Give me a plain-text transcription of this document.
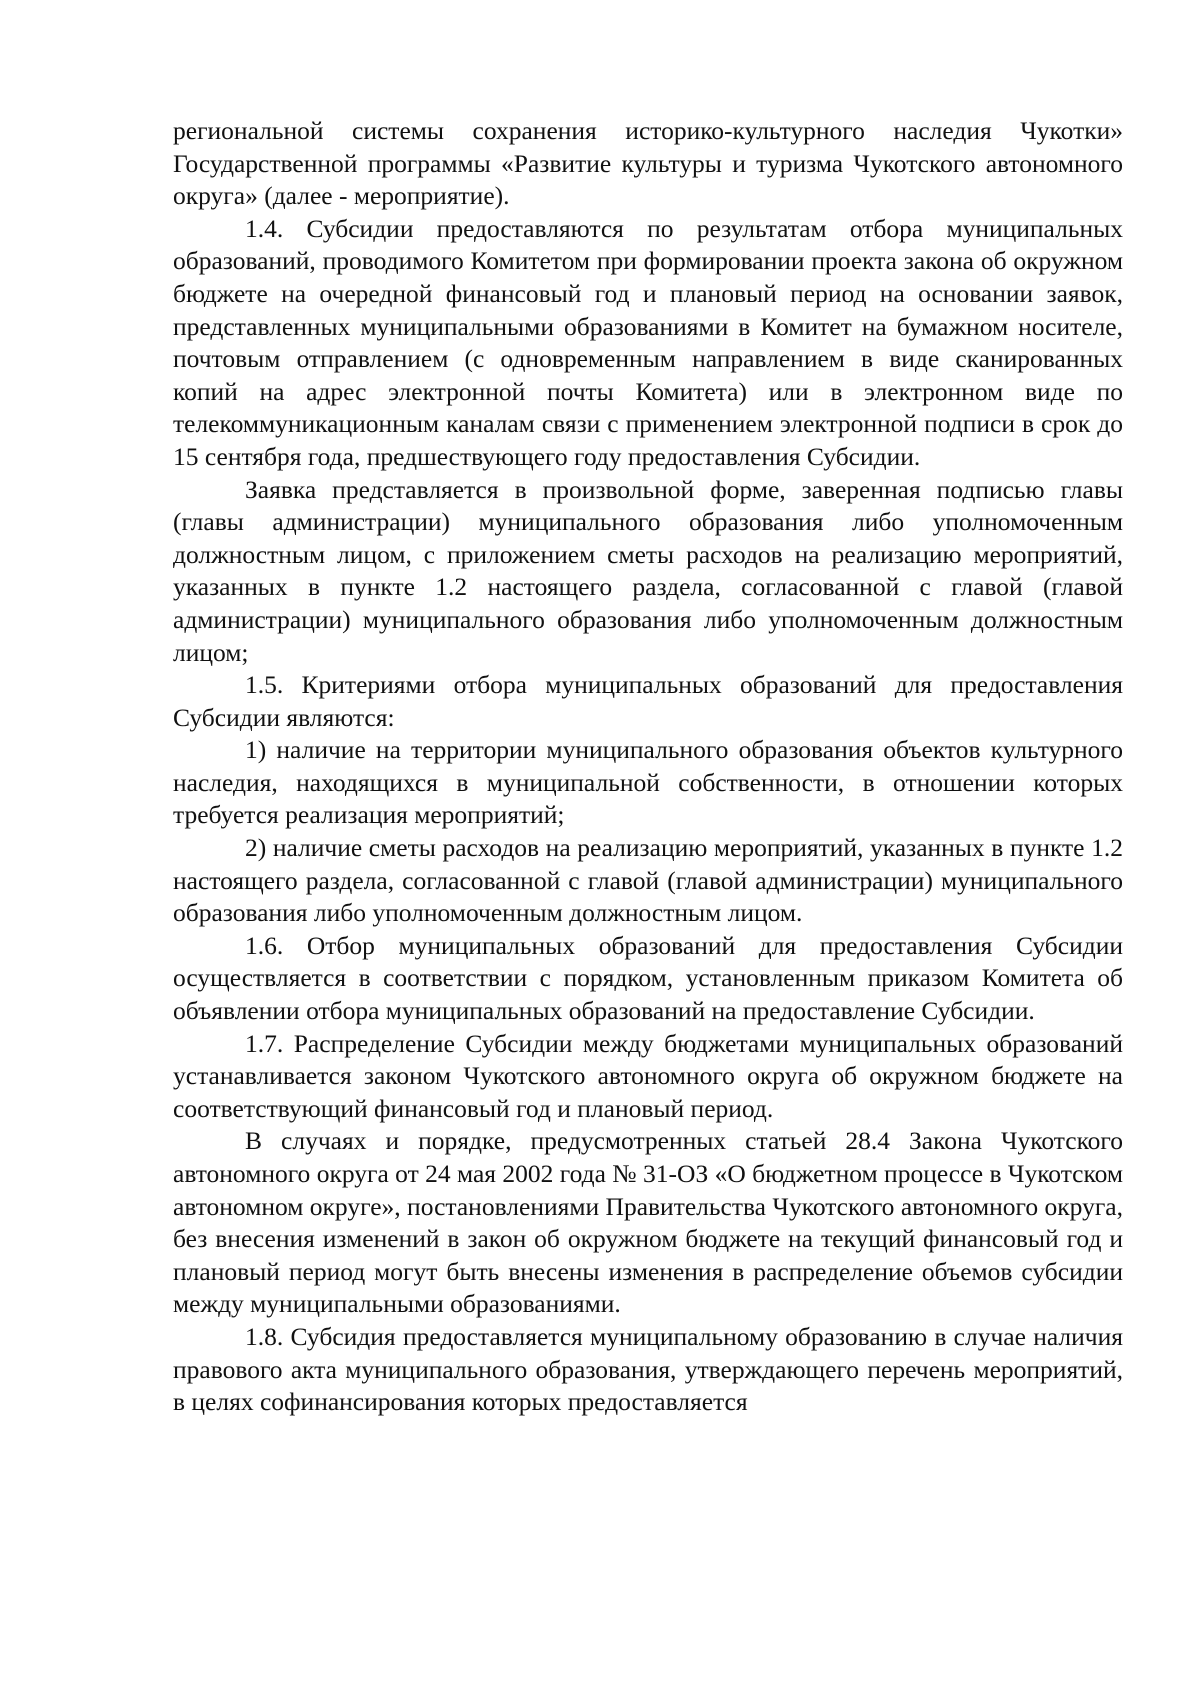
региональной системы сохранения историко-культурного наследия Чукотки» Государственной программы «Развитие культуры и туризма Чукотского автономного округа» (далее - мероприятие).

1.4. Субсидии предоставляются по результатам отбора муниципальных образований, проводимого Комитетом при формировании проекта закона об окружном бюджете на очередной финансовый год и плановый период на основании заявок, представленных муниципальными образованиями в Комитет на бумажном носителе, почтовым отправлением (с одновременным направлением в виде сканированных копий на адрес электронной почты Комитета) или в электронном виде по телекоммуникационным каналам связи с применением электронной подписи в срок до 15 сентября года, предшествующего году предоставления Субсидии.

Заявка представляется в произвольной форме, заверенная подписью главы (главы администрации) муниципального образования либо уполномоченным должностным лицом, с приложением сметы расходов на реализацию мероприятий, указанных в пункте 1.2 настоящего раздела, согласованной с главой (главой администрации) муниципального образования либо уполномоченным должностным лицом;

1.5. Критериями отбора муниципальных образований для предоставления Субсидии являются:

1) наличие на территории муниципального образования объектов культурного наследия, находящихся в муниципальной собственности, в отношении которых требуется реализация мероприятий;

2) наличие сметы расходов на реализацию мероприятий, указанных в пункте 1.2 настоящего раздела, согласованной с главой (главой администрации) муниципального образования либо уполномоченным должностным лицом.

1.6. Отбор муниципальных образований для предоставления Субсидии осуществляется в соответствии с порядком, установленным приказом Комитета об объявлении отбора муниципальных образований на предоставление Субсидии.

1.7. Распределение Субсидии между бюджетами муниципальных образований устанавливается законом Чукотского автономного округа об окружном бюджете на соответствующий финансовый год и плановый период.

В случаях и порядке, предусмотренных статьей 28.4 Закона Чукотского автономного округа от 24 мая 2002 года № 31-ОЗ «О бюджетном процессе в Чукотском автономном округе», постановлениями Правительства Чукотского автономного округа, без внесения изменений в закон об окружном бюджете на текущий финансовый год и плановый период могут быть внесены изменения в распределение объемов субсидии между муниципальными образованиями.

1.8. Субсидия предоставляется муниципальному образованию в случае наличия правового акта муниципального образования, утверждающего перечень мероприятий, в целях софинансирования которых предоставляется
